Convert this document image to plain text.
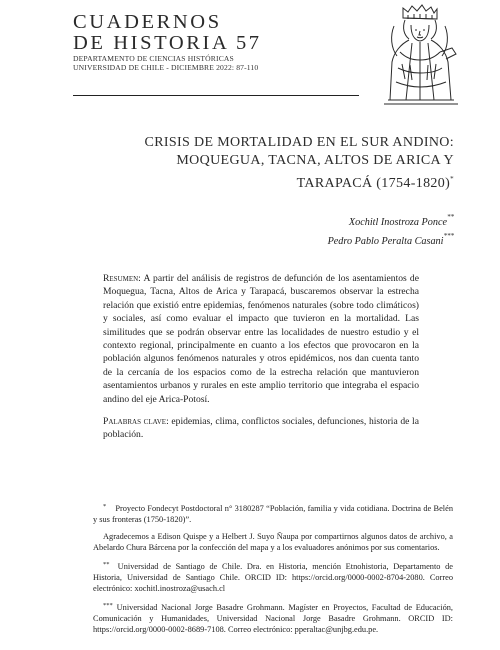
CUADERNOS
DE HISTORIA 57
DEPARTAMENTO DE CIENCIAS HISTÓRICAS
UNIVERSIDAD DE CHILE - DICIEMBRE 2022: 87-110
CRISIS DE MORTALIDAD EN EL SUR ANDINO:
MOQUEGUA, TACNA, ALTOS DE ARICA Y
TARAPACÁ (1754-1820)*
Xochitl Inostroza Ponce**
Pedro Pablo Peralta Casani***

Resumen: A partir del análisis de registros de defunción de los asentamientos de Moquegua, Tacna, Altos de Arica y Tarapacá, buscaremos observar la estrecha relación que existió entre epidemias, fenómenos naturales (sobre todo climáticos) y sociales, así como evaluar el impacto que tuvieron en la mortalidad. Las similitudes que se podrán observar entre las localidades de nuestro estudio y el contexto regional, principalmente en cuanto a los efectos que provocaron en la población algunos fenómenos naturales y otros epidémicos, nos dan cuenta tanto de la cercanía de los espacios como de la estrecha relación que mantuvieron asentamientos urbanos y rurales en este amplio territorio que integraba el espacio andino del eje Arica-Potosí.

Palabras clave: epidemias, clima, conflictos sociales, defunciones, historia de la población.

* Proyecto Fondecyt Postdoctoral n° 3180287 “Población, familia y vida cotidiana. Doctrina de Belén y sus fronteras (1750-1820)”.

Agradecemos a Edison Quispe y a Helbert J. Suyo Ñaupa por compartirnos algunos datos de archivo, a Abelardo Chura Bárcena por la confección del mapa y a los evaluadores anónimos por sus comentarios.

** Universidad de Santiago de Chile. Dra. en Historia, mención Etnohistoria, Departamento de Historia, Universidad de Santiago Chile. ORCID ID: https://orcid.org/0000-0002-8704-2080. Correo electrónico: xochitl.inostroza@usach.cl

*** Universidad Nacional Jorge Basadre Grohmann. Magíster en Proyectos, Facultad de Educación, Comunicación y Humanidades, Universidad Nacional Jorge Basadre Grohmann. ORCID ID: https://orcid.org/0000-0002-8689-7108. Correo electrónico: pperaltac@unjbg.edu.pe.
